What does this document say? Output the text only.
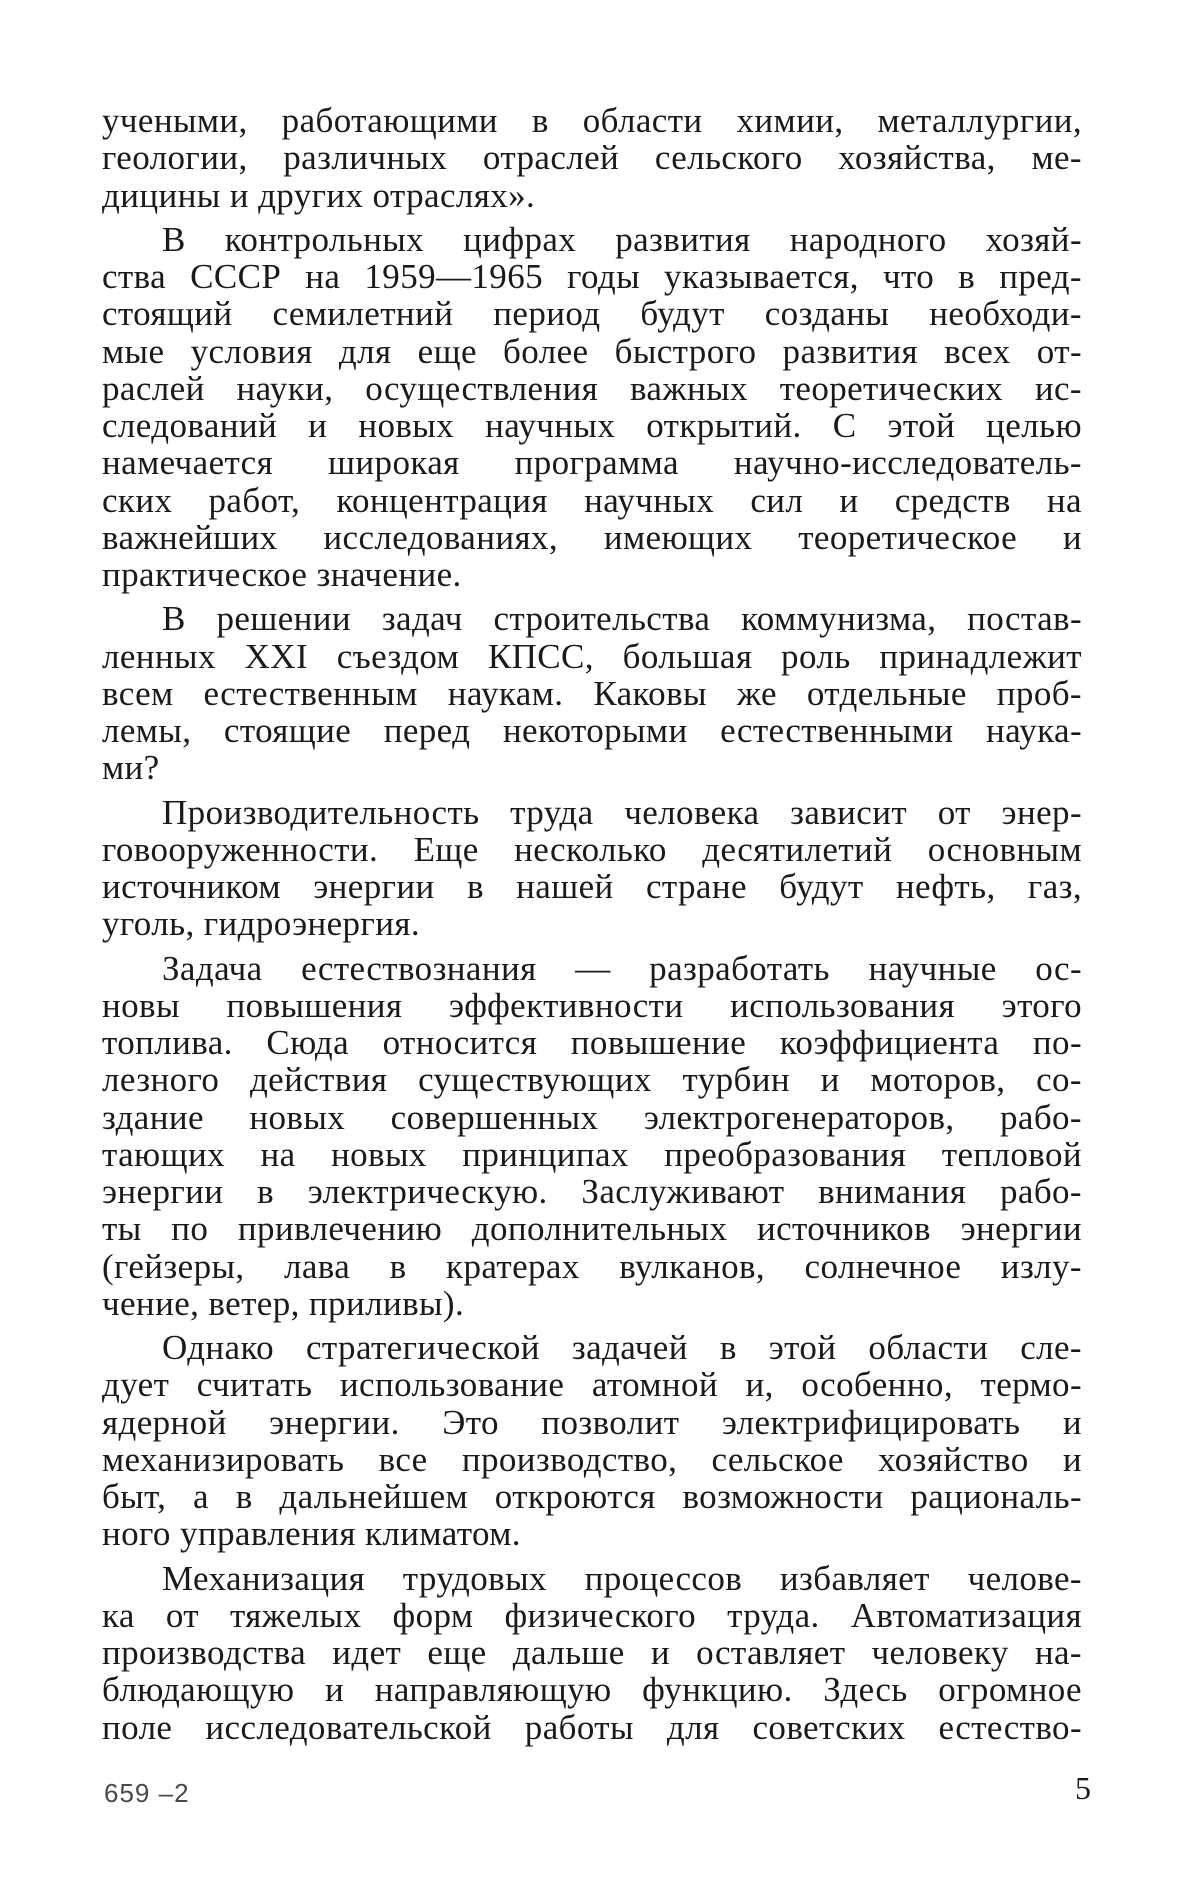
учеными, работающими в области химии, металлургии,
геологии, различных отраслей сельского хозяйства, ме-
дицины и других отраслях».
В контрольных цифрах развития народного хозяй-
ства СССР на 1959—1965 годы указывается, что в пред-
стоящий семилетний период будут созданы необходи-
мые условия для еще более быстрого развития всех от-
раслей науки, осуществления важных теоретических ис-
следований и новых научных открытий. С этой целью
намечается широкая программа научно-исследователь-
ских работ, концентрация научных сил и средств на
важнейших исследованиях, имеющих теоретическое и
практическое значение.
В решении задач строительства коммунизма, постав-
ленных XXI съездом КПСС, большая роль принадлежит
всем естественным наукам. Каковы же отдельные проб-
лемы, стоящие перед некоторыми естественными наука-
ми?
Производительность труда человека зависит от энер-
говооруженности. Еще несколько десятилетий основным
источником энергии в нашей стране будут нефть, газ,
уголь, гидроэнергия.
Задача естествознания — разработать научные ос-
новы повышения эффективности использования этого
топлива. Сюда относится повышение коэффициента по-
лезного действия существующих турбин и моторов, со-
здание новых совершенных электрогенераторов, рабо-
тающих на новых принципах преобразования тепловой
энергии в электрическую. Заслуживают внимания рабо-
ты по привлечению дополнительных источников энергии
(гейзеры, лава в кратерах вулканов, солнечное излу-
чение, ветер, приливы).
Однако стратегической задачей в этой области сле-
дует считать использование атомной и, особенно, термо-
ядерной энергии. Это позволит электрифицировать и
механизировать все производство, сельское хозяйство и
быт, а в дальнейшем откроются возможности рациональ-
ного управления климатом.
Механизация трудовых процессов избавляет челове-
ка от тяжелых форм физического труда. Автоматизация
производства идет еще дальше и оставляет человеку на-
блюдающую и направляющую функцию. Здесь огромное
поле исследовательской работы для советских естество-
659 –2	5
